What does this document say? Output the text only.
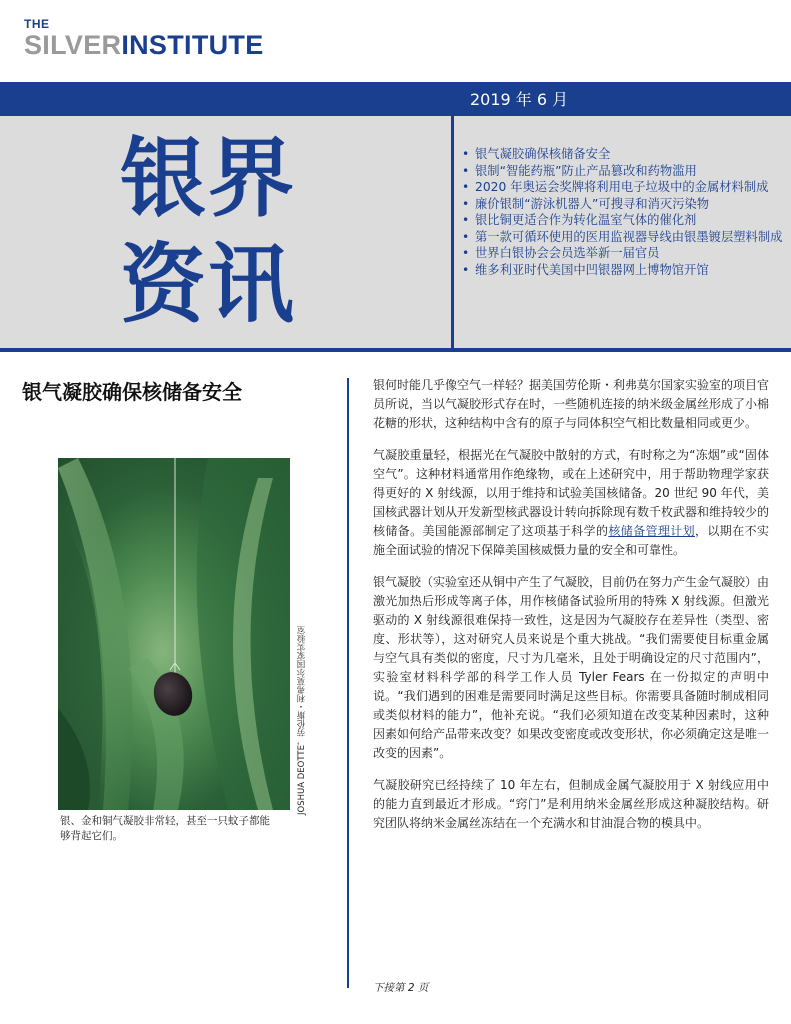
THE
SILVERINSTITUTE
2019 年 6 月
银界
资讯
• 银气凝胶确保核储备安全
• 银制“智能药瓶”防止产品篡改和药物滥用
• 2020 年奥运会奖牌将利用电子垃圾中的金属材料制成
• 廉价银制“游泳机器人”可搜寻和消灭污染物
• 银比铜更适合作为转化温室气体的催化剂
• 第一款可循环使用的医用监视器导线由银墨镀层塑料制成
• 世界白银协会会员选举新一届官员
• 维多利亚时代美国中凹银器网上博物馆开馆
银气凝胶确保核储备安全
JOSHUA DEOTTE，劳伦斯・利弗莫尔国家实验室
银、金和铜气凝胶非常轻，甚至一只蚊子都能够背起它们。

银何时能几乎像空气一样轻？据美国劳伦斯・利弗莫尔国家实验室的项目官员所说，当以气凝胶形式存在时，一些随机连接的纳米级金属丝形成了小棉花糖的形状，这种结构中含有的原子与同体积空气相比数量相同或更少。

气凝胶重量轻，根据光在气凝胶中散射的方式，有时称之为“冻烟”或“固体空气”。这种材料通常用作绝缘物，或在上述研究中，用于帮助物理学家获得更好的 X 射线源，以用于维持和试验美国核储备。20 世纪 90 年代，美国核武器计划从开发新型核武器设计转向拆除现有数千枚武器和维持较少的核储备。美国能源部制定了这项基于科学的核储备管理计划，以期在不实施全面试验的情况下保障美国核威慑力量的安全和可靠性。

银气凝胶（实验室还从铜中产生了气凝胶，目前仍在努力产生金气凝胶）由激光加热后形成等离子体，用作核储备试验所用的特殊 X 射线源。但激光驱动的 X 射线源很难保持一致性，这是因为气凝胶存在差异性（类型、密度、形状等），这对研究人员来说是个重大挑战。“我们需要使目标重金属与空气具有类似的密度，尺寸为几毫米，且处于明确设定的尺寸范围内”，实验室材料科学部的科学工作人员 Tyler Fears 在一份拟定的声明中说。“我们遇到的困难是需要同时满足这些目标。你需要具备随时制成相同或类似材料的能力”，他补充说。“我们必须知道在改变某种因素时，这种因素如何给产品带来改变？如果改变密度或改变形状，你必须确定这是唯一改变的因素”。

气凝胶研究已经持续了 10 年左右，但制成金属气凝胶用于 X 射线应用中的能力直到最近才形成。“窍门”是利用纳米金属丝形成这种凝胶结构。研究团队将纳米金属丝冻结在一个充满水和甘油混合物的模具中。

下接第 2 页
